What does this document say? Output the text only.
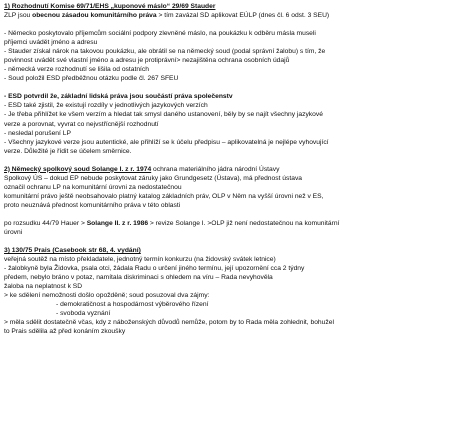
1) Rozhodnutí Komise 69/71/EHS „kuponové máslo“ 29/69 Stauder
ZLP jsou obecnou zásadou komunitárního práva > tím zavázal SD aplikovat EÚLP (dnes čl. 6 odst. 3 SEU)
- Německo poskytovalo příjemcům sociální podpory zlevněné máslo, na poukázku k odběru másla museli
příjemci uvádět jméno a adresu
- Stauder získal nárok na takovou poukázku, ale obrátil se na německý soud (podal správní žalobu) s tím, že
povinnost uvádět své vlastní jméno a adresu je protiprávní> nezajištěna ochrana osobních údajů
- německá verze rozhodnutí se lišila od ostatních
- Soud položil ESD předběžnou otázku podle čl. 267 SFEU
- ESD potvrdil že, základní lidská práva jsou součástí práva společenstv
- ESD také zjistil, že existují rozdíly v jednotlivých jazykových verzích
- Je třeba přihlížet ke všem verzím a hledat tak smysl daného ustanovení, běly by se najít všechny jazykové
verze a porovnat, vyvrat co nejvstřícnější rozhodnutí
- nesledal porušení LP
- Všechny jazykové verze jsou autentické, ale přihlíží se k účelu předpisu – aplikovatelná je nejlépe vyhovující
verze. Důležité je řídit se účelem směrnice.
2) Německý spolkový soud Solange I. z r. 1974 ochrana materiálního jádra národní Ústavy
Spolkový ÚS – dokud EP nebude poskytovat záruky jako Grundgesetz (Ústava), má přednost ústava
označil ochranu LP na komunitární úrovni za nedostatečnou
komunitární právo ještě neobsahovalo platný katalog základních práv, OLP v Něm na vyšší úrovni než v ES,
proto neuznává přednost komunitárního práva v této oblasti
po rozsudku 44/79 Hauer > Solange II. z r. 1986 > revize Solange I. >OLP již není nedostatečnou na komunitární
úrovni
3) 130/75 Prais (Casebook str 68, 4. vydání)
veřejná soutěž na místo překladatele, jednotný termín konkurzu (na židovský svátek letnice)
- žalobkyně byla Židovka, psala otci, žádala Radu o určení jiného termínu, její upozornění cca 2 týdny
předem, nebylo bráno v potaz, namítala diskriminaci s ohledem na víru – Rada nevyhověla
žaloba na neplatnost k SD
> ke sdělení nemožnosti došlo opožděně; soud posuzoval dva zájmy:
- demokratičnost a hospodárnost výběrového řízení
- svoboda vyznání
> měla sdělit dostatečně včas, kdy z náboženských důvodů nemůže, potom by to Rada měla zohlednit, bohužel
to Prais sdělila až před konáním zkoušky
